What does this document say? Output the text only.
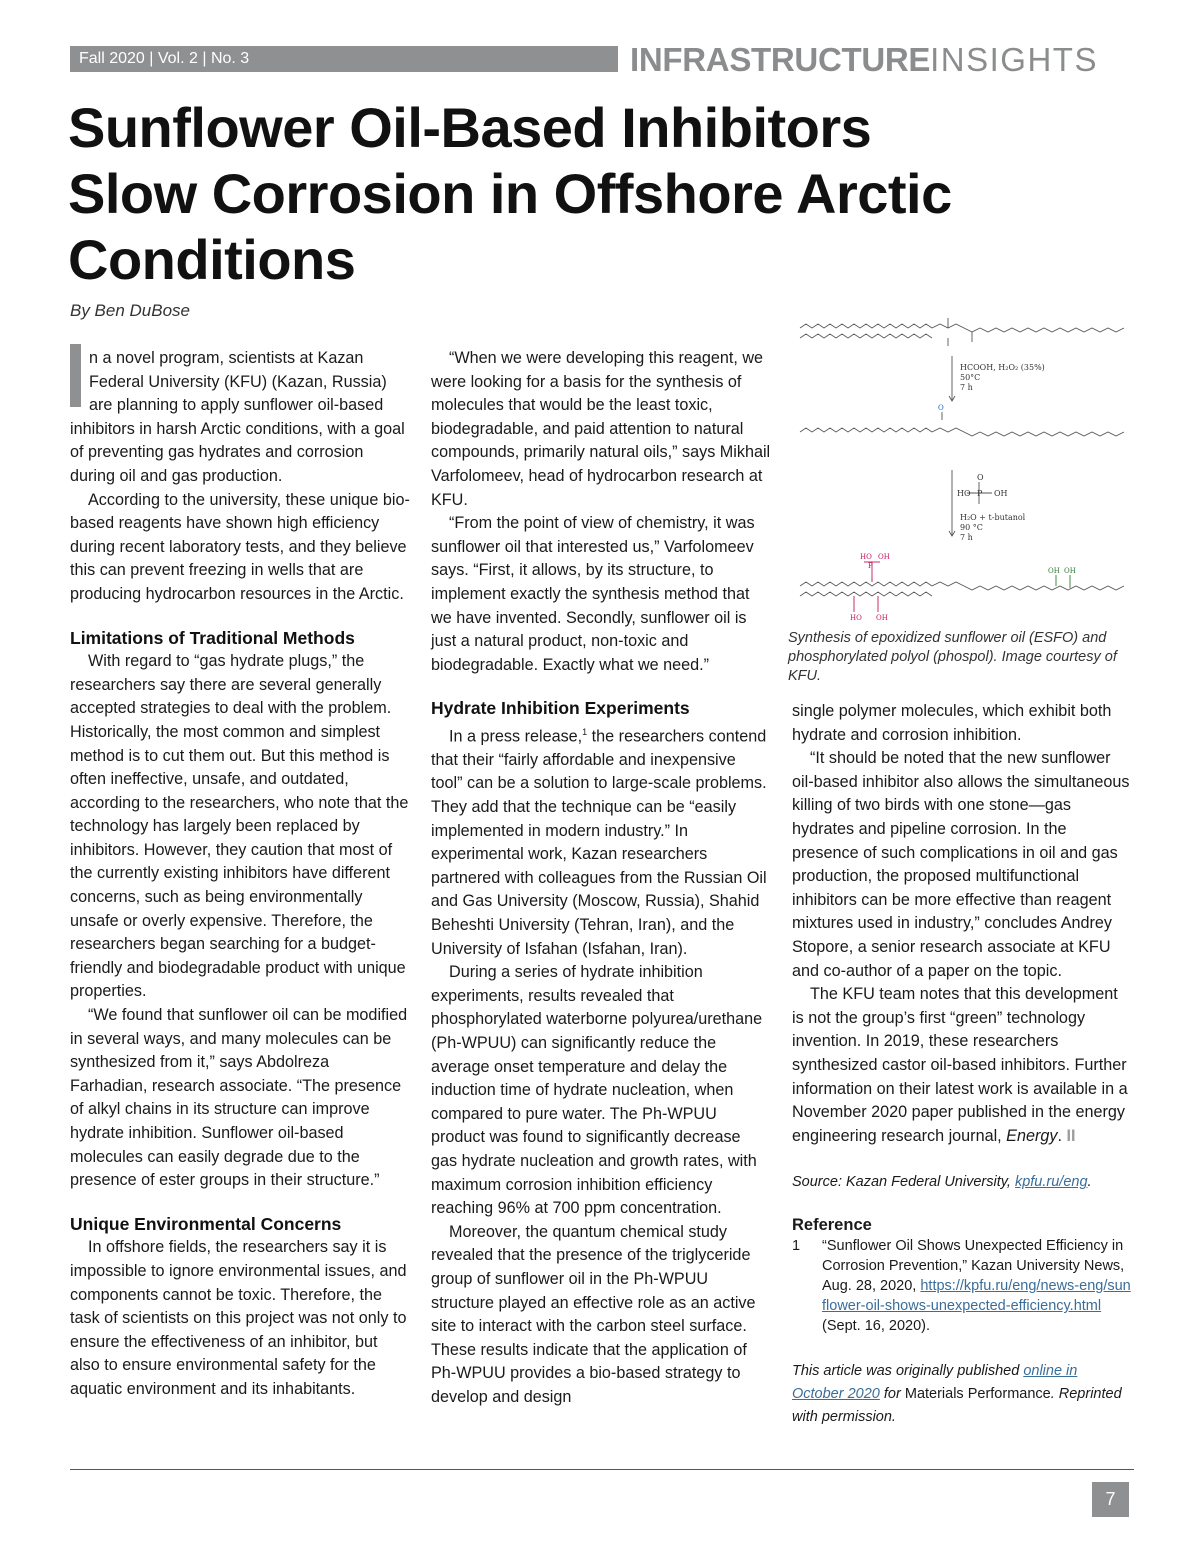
Fall 2020 | Vol. 2 | No. 3	INFRASTRUCTUREINSIGHTS
Sunflower Oil-Based Inhibitors
Slow Corrosion in Offshore Arctic
Conditions
By Ben DuBose

n a novel program, scientists at Kazan Federal University (KFU) (Kazan, Russia) are planning to apply sunflower oil-based inhibitors in harsh Arctic conditions, with a goal of preventing gas hydrates and corrosion during oil and gas production.

According to the university, these unique bio-based reagents have shown high efficiency during recent laboratory tests, and they believe this can prevent freezing in wells that are producing hydrocarbon resources in the Arctic.

Limitations of Traditional Methods

With regard to “gas hydrate plugs,” the researchers say there are several generally accepted strategies to deal with the problem. Historically, the most common and simplest method is to cut them out. But this method is often ineffective, unsafe, and outdated, according to the researchers, who note that the technology has largely been replaced by inhibitors. However, they caution that most of the currently existing inhibitors have different concerns, such as being environmentally unsafe or overly expensive. Therefore, the researchers began searching for a budget-friendly and biodegradable product with unique properties.

“We found that sunflower oil can be modified in several ways, and many molecules can be synthesized from it,” says Abdolreza Farhadian, research associate. “The presence of alkyl chains in its structure can improve hydrate inhibition. Sunflower oil-based molecules can easily degrade due to the presence of ester groups in their structure.”

Unique Environmental Concerns

In offshore fields, the researchers say it is impossible to ignore environmental issues, and components cannot be toxic. Therefore, the task of scientists on this project was not only to ensure the effectiveness of an inhibitor, but also to ensure environmental safety for the aquatic environment and its inhabitants.

“When we were developing this reagent, we were looking for a basis for the synthesis of molecules that would be the least toxic, biodegradable, and paid attention to natural compounds, primarily natural oils,” says Mikhail Varfolomeev, head of hydrocarbon research at KFU.

“From the point of view of chemistry, it was sunflower oil that interested us,” Varfolomeev says. “First, it allows, by its structure, to implement exactly the synthesis method that we have invented. Secondly, sunflower oil is just a natural product, non-toxic and biodegradable. Exactly what we need.”

Hydrate Inhibition Experiments

In a press release,$^1$ the researchers contend that their “fairly affordable and inexpensive tool” can be a solution to large-scale problems. They add that the technique can be “easily implemented in modern industry.” In experimental work, Kazan researchers partnered with colleagues from the Russian Oil and Gas University (Moscow, Russia), Shahid Beheshti University (Tehran, Iran), and the University of Isfahan (Isfahan, Iran).

During a series of hydrate inhibition experiments, results revealed that phosphorylated waterborne polyurea/urethane (Ph-WPUU) can significantly reduce the average onset temperature and delay the induction time of hydrate nucleation, when compared to pure water. The Ph-WPUU product was found to significantly decrease gas hydrate nucleation and growth rates, with maximum corrosion inhibition efficiency reaching 96% at 700 ppm concentration.

Moreover, the quantum chemical study revealed that the presence of the triglyceride group of sunflower oil in the Ph-WPUU structure played an effective role as an active site to interact with the carbon steel surface. These results indicate that the application of Ph-WPUU provides a bio-based strategy to develop and design

HCOOH, H₂O₂ (35%)
50°C
7 h
HO P
O
OH
H₂O + t-butanol
90 °C
7 h
O
HO OH
P
HO OH
OH OH
Synthesis of epoxidized sunflower oil (ESFO) and phosphorylated polyol (phospol). Image courtesy of KFU.

single polymer molecules, which exhibit both hydrate and corrosion inhibition.

“It should be noted that the new sunflower oil-based inhibitor also allows the simultaneous killing of two birds with one stone—gas hydrates and pipeline corrosion. In the presence of such complications in oil and gas production, the proposed multifunctional inhibitors can be more effective than reagent mixtures used in industry,” concludes Andrey Stopore, a senior research associate at KFU and co-author of a paper on the topic.

The KFU team notes that this development is not the group’s first “green” technology invention. In 2019, these researchers synthesized castor oil-based inhibitors. Further information on their latest work is available in a November 2020 paper published in the energy engineering research journal, Energy. II

Source: Kazan Federal University, kpfu.ru/eng.

Reference
1 “Sunflower Oil Shows Unexpected Efficiency in Corrosion Prevention,” Kazan University News, Aug. 28, 2020, https://kpfu.ru/eng/news-eng/sunflower-oil-shows-unexpected-efficiency.html (Sept. 16, 2020).

This article was originally published online in October 2020 for Materials Performance. Reprinted with permission.

7
